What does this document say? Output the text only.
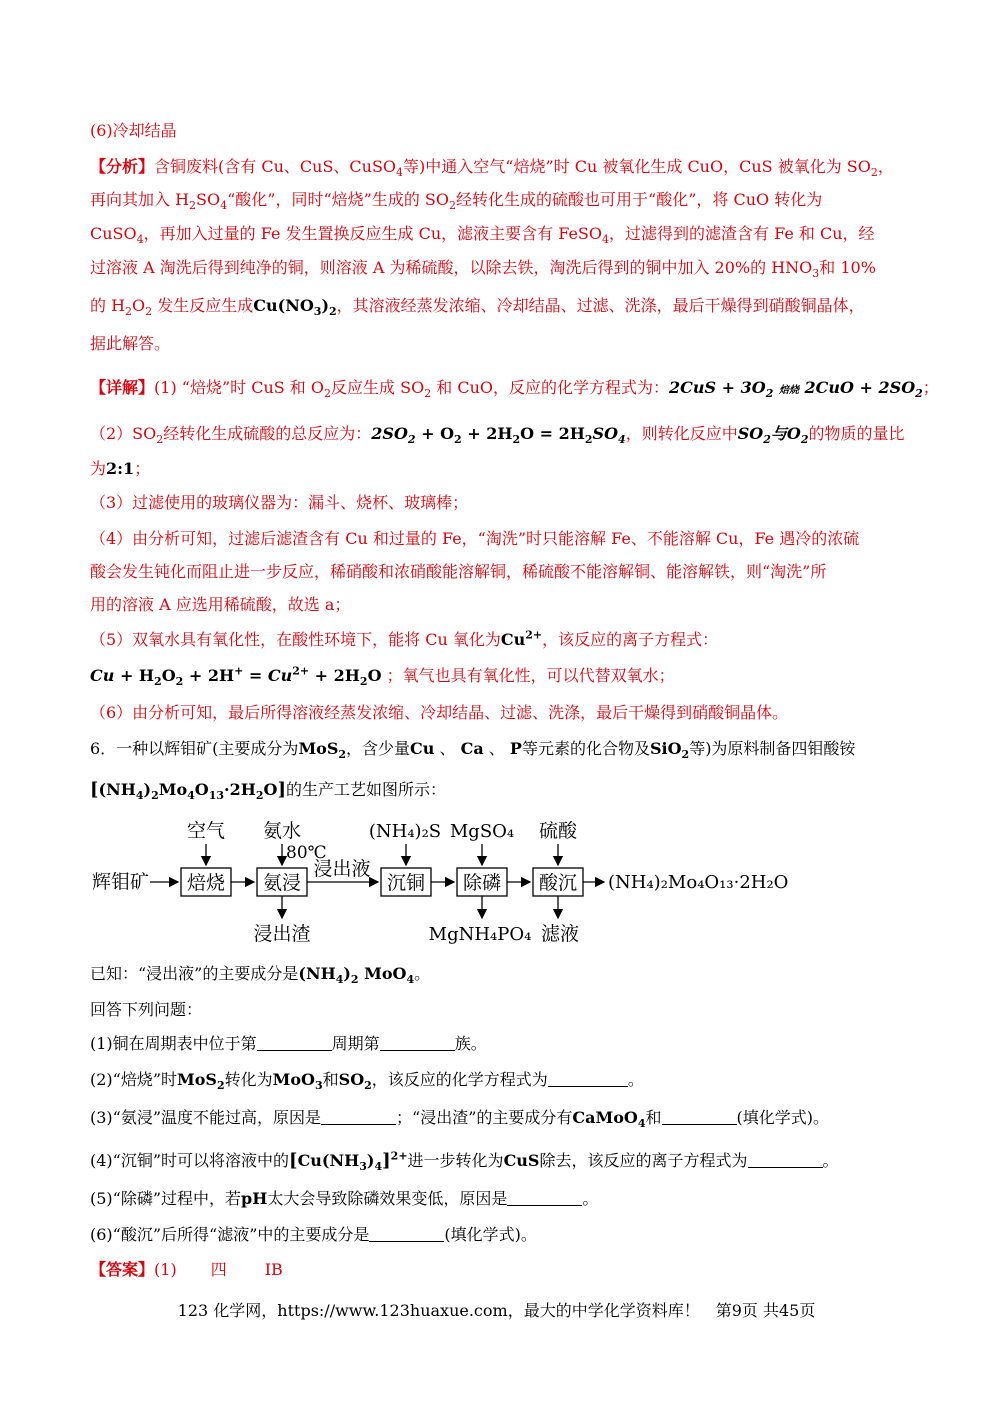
(6)冷却结晶
【分析】含铜废料(含有 Cu、CuS、CuSO$_4$等)中通入空气“焙烧”时 Cu 被氧化生成 CuO，CuS 被氧化为 $SO_2$，
再向其加入 $H_2SO_4“$酸化”，同时“焙烧”生成的 $SO_2$经转化生成的硫酸也可用于“酸化”，将 CuO 转化为
CuSO$_4$，再加入过量的 Fe 发生置换反应生成 Cu，滤液主要含有 FeSO$_4$，过滤得到的滤渣含有 Fe 和 Cu，经
过溶液 A 淘洗后得到纯净的铜，则溶液 A 为稀硫酸，以除去铁，淘洗后得到的铜中加入 20%的 $HNO_3$和 10%
的 $H_2O_2$ 发生反应生成$Cu(NO_3)_2$，其溶液经蒸发浓缩、冷却结晶、过滤、洗涤，最后干燥得到硝酸铜晶体，
据此解答。
【详解】(1) “焙烧”时 CuS 和 $O_2$反应生成 $SO_2$ 和 CuO，反应的化学方程式为：$2CuS + 3O_2$ 焙烧 $2CuO + 2SO_2$；
$(2)SO_2$经转化生成硫酸的总反应为：$2SO_2 + O_2 + 2H_2O = 2H_2SO_4$，则转化反应中$SO_2$与$O_2$的物质的量比
为2:1；
（3）过滤使用的玻璃仪器为：漏斗、烧杯、玻璃棒；
（4）由分析可知，过滤后滤渣含有 Cu 和过量的 Fe，“淘洗”时只能溶解 Fe、不能溶解 Cu，Fe 遇冷的浓硫
酸会发生钝化而阻止进一步反应，稀硝酸和浓硝酸能溶解铜，稀硫酸不能溶解铜、能溶解铁，则“淘洗”所
用的溶液 A 应选用稀硫酸，故选 a；
（5）双氧水具有氧化性，在酸性环境下，能将 Cu 氧化为$Cu^{2+}$，该反应的离子方程式：
$Cu + H_2O_2 + 2H^+ = Cu^{2+} + 2H_2O$ ；氧气也具有氧化性，可以代替双氧水；
（6）由分析可知，最后所得溶液经蒸发浓缩、冷却结晶、过滤、洗涤，最后干燥得到硝酸铜晶体。
6．一种以辉钼矿(主要成分为MoS$_2$，含少量Cu 、 Ca 、 P等元素的化合物及SiO$_2$等)为原料制备四钼酸铵
$[(NH_4)_2Mo_4O_{13}\cdot 2H_2O]$的生产工艺如图所示：
辉钼矿 焙烧 氨浸
浸出液
沉铜 除磷 酸沉 (NH₄)₂Mo₄O₁₃·2H₂O
空气 氨水
80℃
(NH₄)₂S MgSO₄ 硫酸
浸出渣	MgNH₄PO₄ 滤液
已知：“浸出液”的主要成分是$(NH_4)_2$ MoO$_4$。
回答下列问题：
(1)铜在周期表中位于第	周期第	族。
(2)“焙烧”时MoS$_2$转化为MoO$_3$和$SO_2$，该反应的化学方程式为	。
(3)“氨浸”温度不能过高，原因是	；“浸出渣”的主要成分有CaMoO$_4$和	(填化学式)。
(4)“沉铜”时可以将溶液中的$[Cu(NH_3)_4]^{2+}$进一步转化为CuS除去，该反应的离子方程式为	。
(5)“除磷”过程中，若pH太大会导致除磷效果变低，原因是	。
(6)“酸沉”后所得“滤液”中的主要成分是	(填化学式)。
【答案】(1) 四 IB
123 化学网，https://www.123huaxue.com，最大的中学化学资料库！　第9页 共45页
